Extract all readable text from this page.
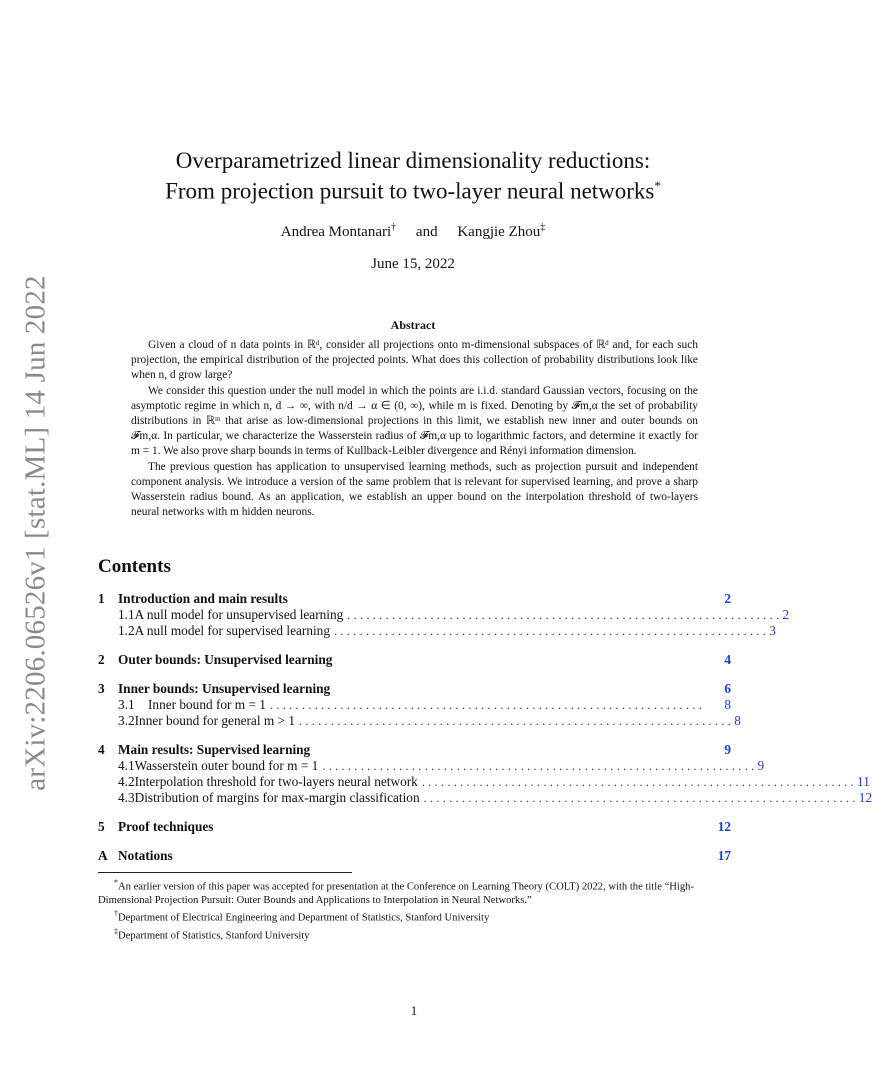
arXiv:2206.06526v1 [stat.ML] 14 Jun 2022
Overparametrized linear dimensionality reductions:
From projection pursuit to two-layer neural networks*
Andrea Montanari† and Kangjie Zhou‡
June 15, 2022
Abstract

Given a cloud of n data points in ℝᵈ, consider all projections onto m-dimensional subspaces of ℝᵈ and, for each such projection, the empirical distribution of the projected points. What does this collection of probability distributions look like when n, d grow large?

We consider this question under the null model in which the points are i.i.d. standard Gaussian vectors, focusing on the asymptotic regime in which n, d → ∞, with n/d → α ∈ (0, ∞), while m is fixed. Denoting by 𝓕m,α the set of probability distributions in ℝᵐ that arise as low-dimensional projections in this limit, we establish new inner and outer bounds on 𝓕m,α. In particular, we characterize the Wasserstein radius of 𝓕m,α up to logarithmic factors, and determine it exactly for m = 1. We also prove sharp bounds in terms of Kullback-Leibler divergence and Rényi information dimension.

The previous question has application to unsupervised learning methods, such as projection pursuit and independent component analysis. We introduce a version of the same problem that is relevant for supervised learning, and prove a sharp Wasserstein radius bound. As an application, we establish an upper bound on the interpolation threshold of two-layers neural networks with m hidden neurons.

Contents
1	Introduction and main results	2
1.1 A null model for unsupervised learning .................................................................... 2
1.2 A null model for supervised learning .................................................................... 3
2	Outer bounds: Unsupervised learning	4
3	Inner bounds: Unsupervised learning	6
3.1	Inner bound for m = 1 ....................................................................	8
3.2 Inner bound for general m > 1 .................................................................... 8
4	Main results: Supervised learning	9
4.1 Wasserstein outer bound for m = 1 .................................................................... 9
4.2 Interpolation threshold for two-layers neural network .................................................................... 11
4.3 Distribution of margins for max-margin classification .................................................................... 12
5	Proof techniques	12
A Notations	17

*An earlier version of this paper was accepted for presentation at the Conference on Learning Theory (COLT) 2022, with the title “High-Dimensional Projection Pursuit: Outer Bounds and Applications to Interpolation in Neural Networks.”

†Department of Electrical Engineering and Department of Statistics, Stanford University

‡Department of Statistics, Stanford University

1
